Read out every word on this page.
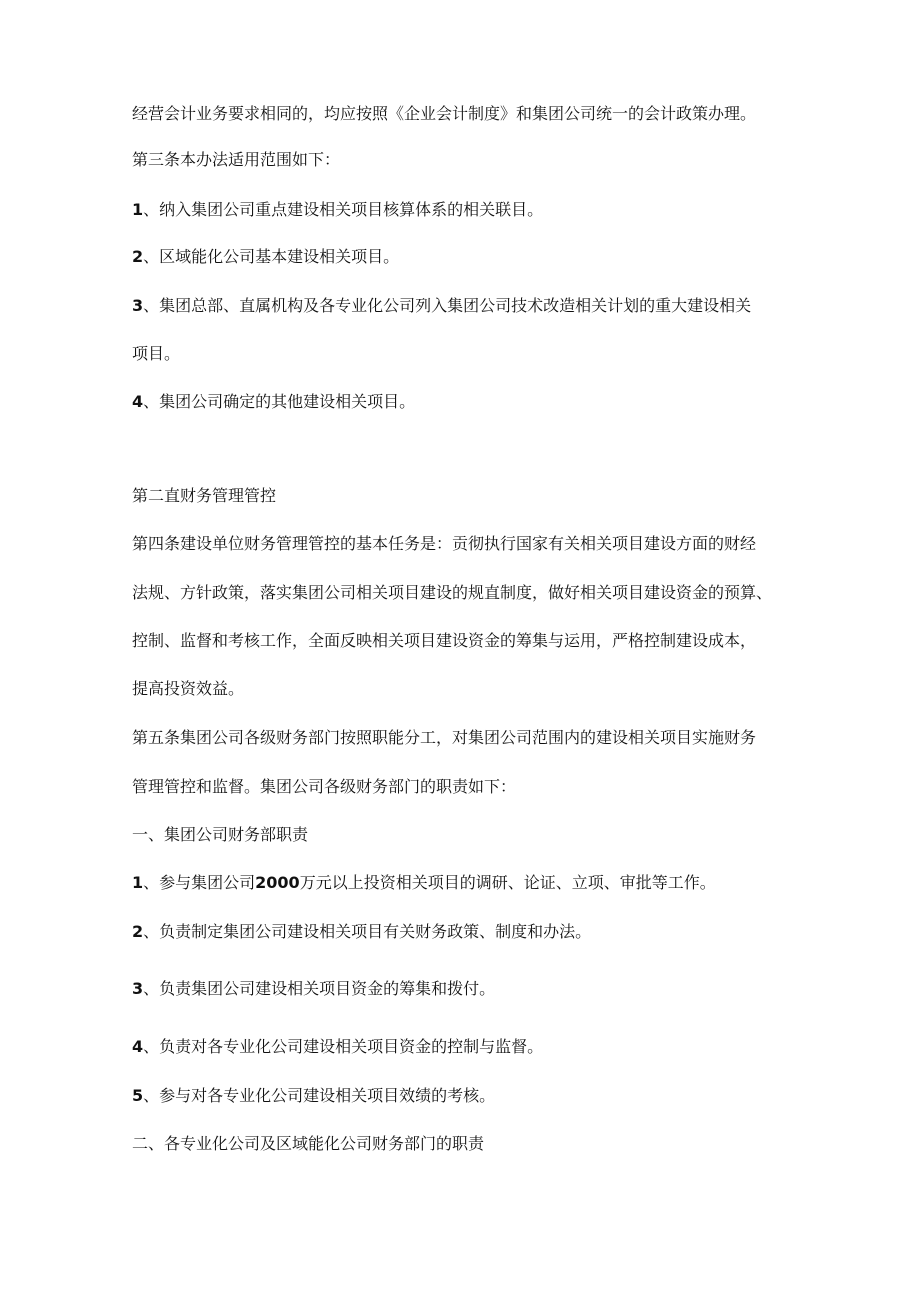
经营会计业务要求相同的，均应按照《企业会计制度》和集团公司统一的会计政策办理。
第三条本办法适用范围如下：
1、纳入集团公司重点建设相关项目核算体系的相关联目。
2、区域能化公司基本建设相关项目。
3、集团总部、直属机构及各专业化公司列入集团公司技术改造相关计划的重大建设相关
项目。
4、集团公司确定的其他建设相关项目。
第二直财务管理管控
第四条建设单位财务管理管控的基本任务是：贡彻执行国家有关相关项目建设方面的财经
法规、方针政策，落实集团公司相关项目建设的规直制度，做好相关项目建设资金的预算、
控制、监督和考核工作，全面反映相关项目建设资金的筹集与运用，严格控制建设成本，
提高投资效益。
第五条集团公司各级财务部门按照职能分工，对集团公司范围内的建设相关项目实施财务
管理管控和监督。集团公司各级财务部门的职责如下：
一、集团公司财务部职责
1、参与集团公司2000万元以上投资相关项目的调研、论证、立项、审批等工作。
2、负责制定集团公司建设相关项目有关财务政策、制度和办法。
3、负责集团公司建设相关项目资金的筹集和拨付。
4、负责对各专业化公司建设相关项目资金的控制与监督。
5、参与对各专业化公司建设相关项目效绩的考核。
二、各专业化公司及区域能化公司财务部门的职责
